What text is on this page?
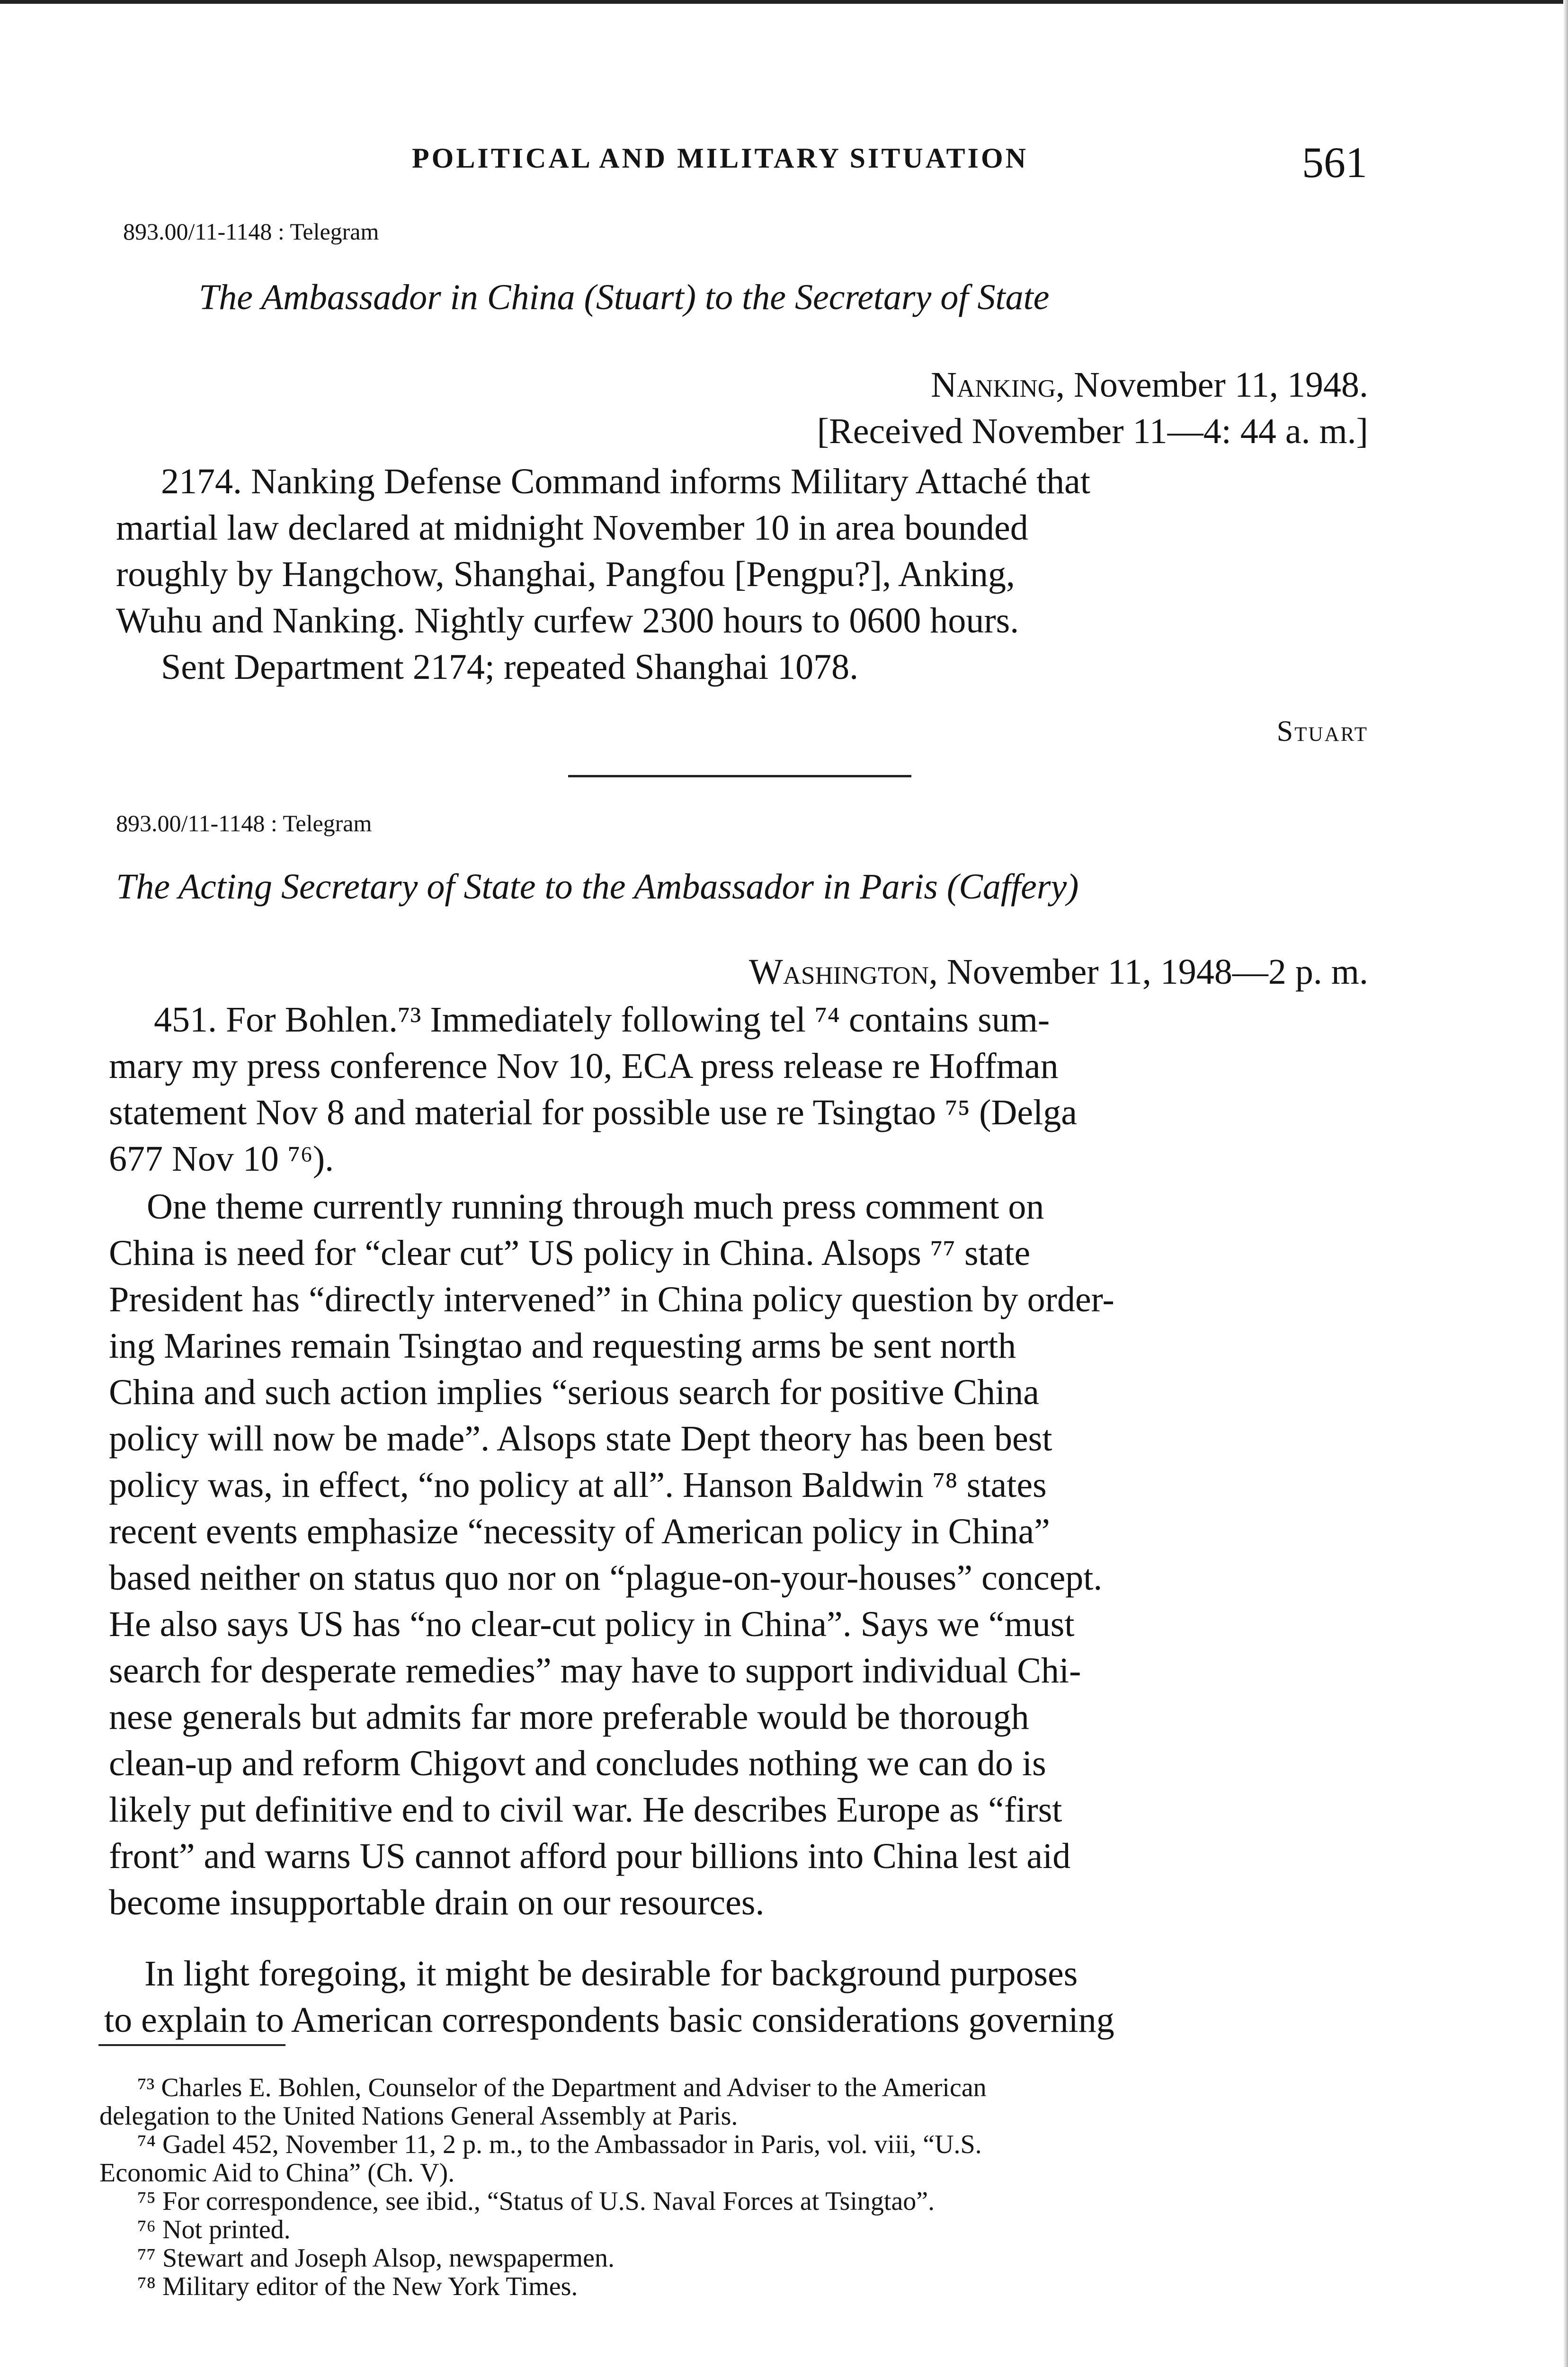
POLITICAL AND MILITARY SITUATION	561
893.00/11-1148 : Telegram
The Ambassador in China (Stuart) to the Secretary of State
Nanking, November 11, 1948.
[Received November 11—4: 44 a. m.]

2174. Nanking Defense Command informs Military Attaché that

martial law declared at midnight November 10 in area bounded

roughly by Hangchow, Shanghai, Pangfou [Pengpu?], Anking,

Wuhu and Nanking. Nightly curfew 2300 hours to 0600 hours.

Sent Department 2174; repeated Shanghai 1078.
Stuart
893.00/11-1148 : Telegram
The Acting Secretary of State to the Ambassador in Paris (Caffery)
Washington, November 11, 1948—2 p. m.

451. For Bohlen.⁷³ Immediately following tel ⁷⁴ contains sum-

mary my press conference Nov 10, ECA press release re Hoffman

statement Nov 8 and material for possible use re Tsingtao ⁷⁵ (Delga

677 Nov 10 ⁷⁶).

One theme currently running through much press comment on

China is need for “clear cut” US policy in China. Alsops ⁷⁷ state

President has “directly intervened” in China policy question by order-

ing Marines remain Tsingtao and requesting arms be sent north

China and such action implies “serious search for positive China

policy will now be made”. Alsops state Dept theory has been best

policy was, in effect, “no policy at all”. Hanson Baldwin ⁷⁸ states

recent events emphasize “necessity of American policy in China”

based neither on status quo nor on “plague-on-your-houses” concept.

He also says US has “no clear-cut policy in China”. Says we “must

search for desperate remedies” may have to support individual Chi-

nese generals but admits far more preferable would be thorough

clean-up and reform Chigovt and concludes nothing we can do is

likely put definitive end to civil war. He describes Europe as “first

front” and warns US cannot afford pour billions into China lest aid

become insupportable drain on our resources.

In light foregoing, it might be desirable for background purposes

to explain to American correspondents basic considerations governing

⁷³ Charles E. Bohlen, Counselor of the Department and Adviser to the American

delegation to the United Nations General Assembly at Paris.

⁷⁴ Gadel 452, November 11, 2 p. m., to the Ambassador in Paris, vol. viii, “U.S.

Economic Aid to China” (Ch. V).

⁷⁵ For correspondence, see ibid., “Status of U.S. Naval Forces at Tsingtao”.

⁷⁶ Not printed.

⁷⁷ Stewart and Joseph Alsop, newspapermen.

⁷⁸ Military editor of the New York Times.
